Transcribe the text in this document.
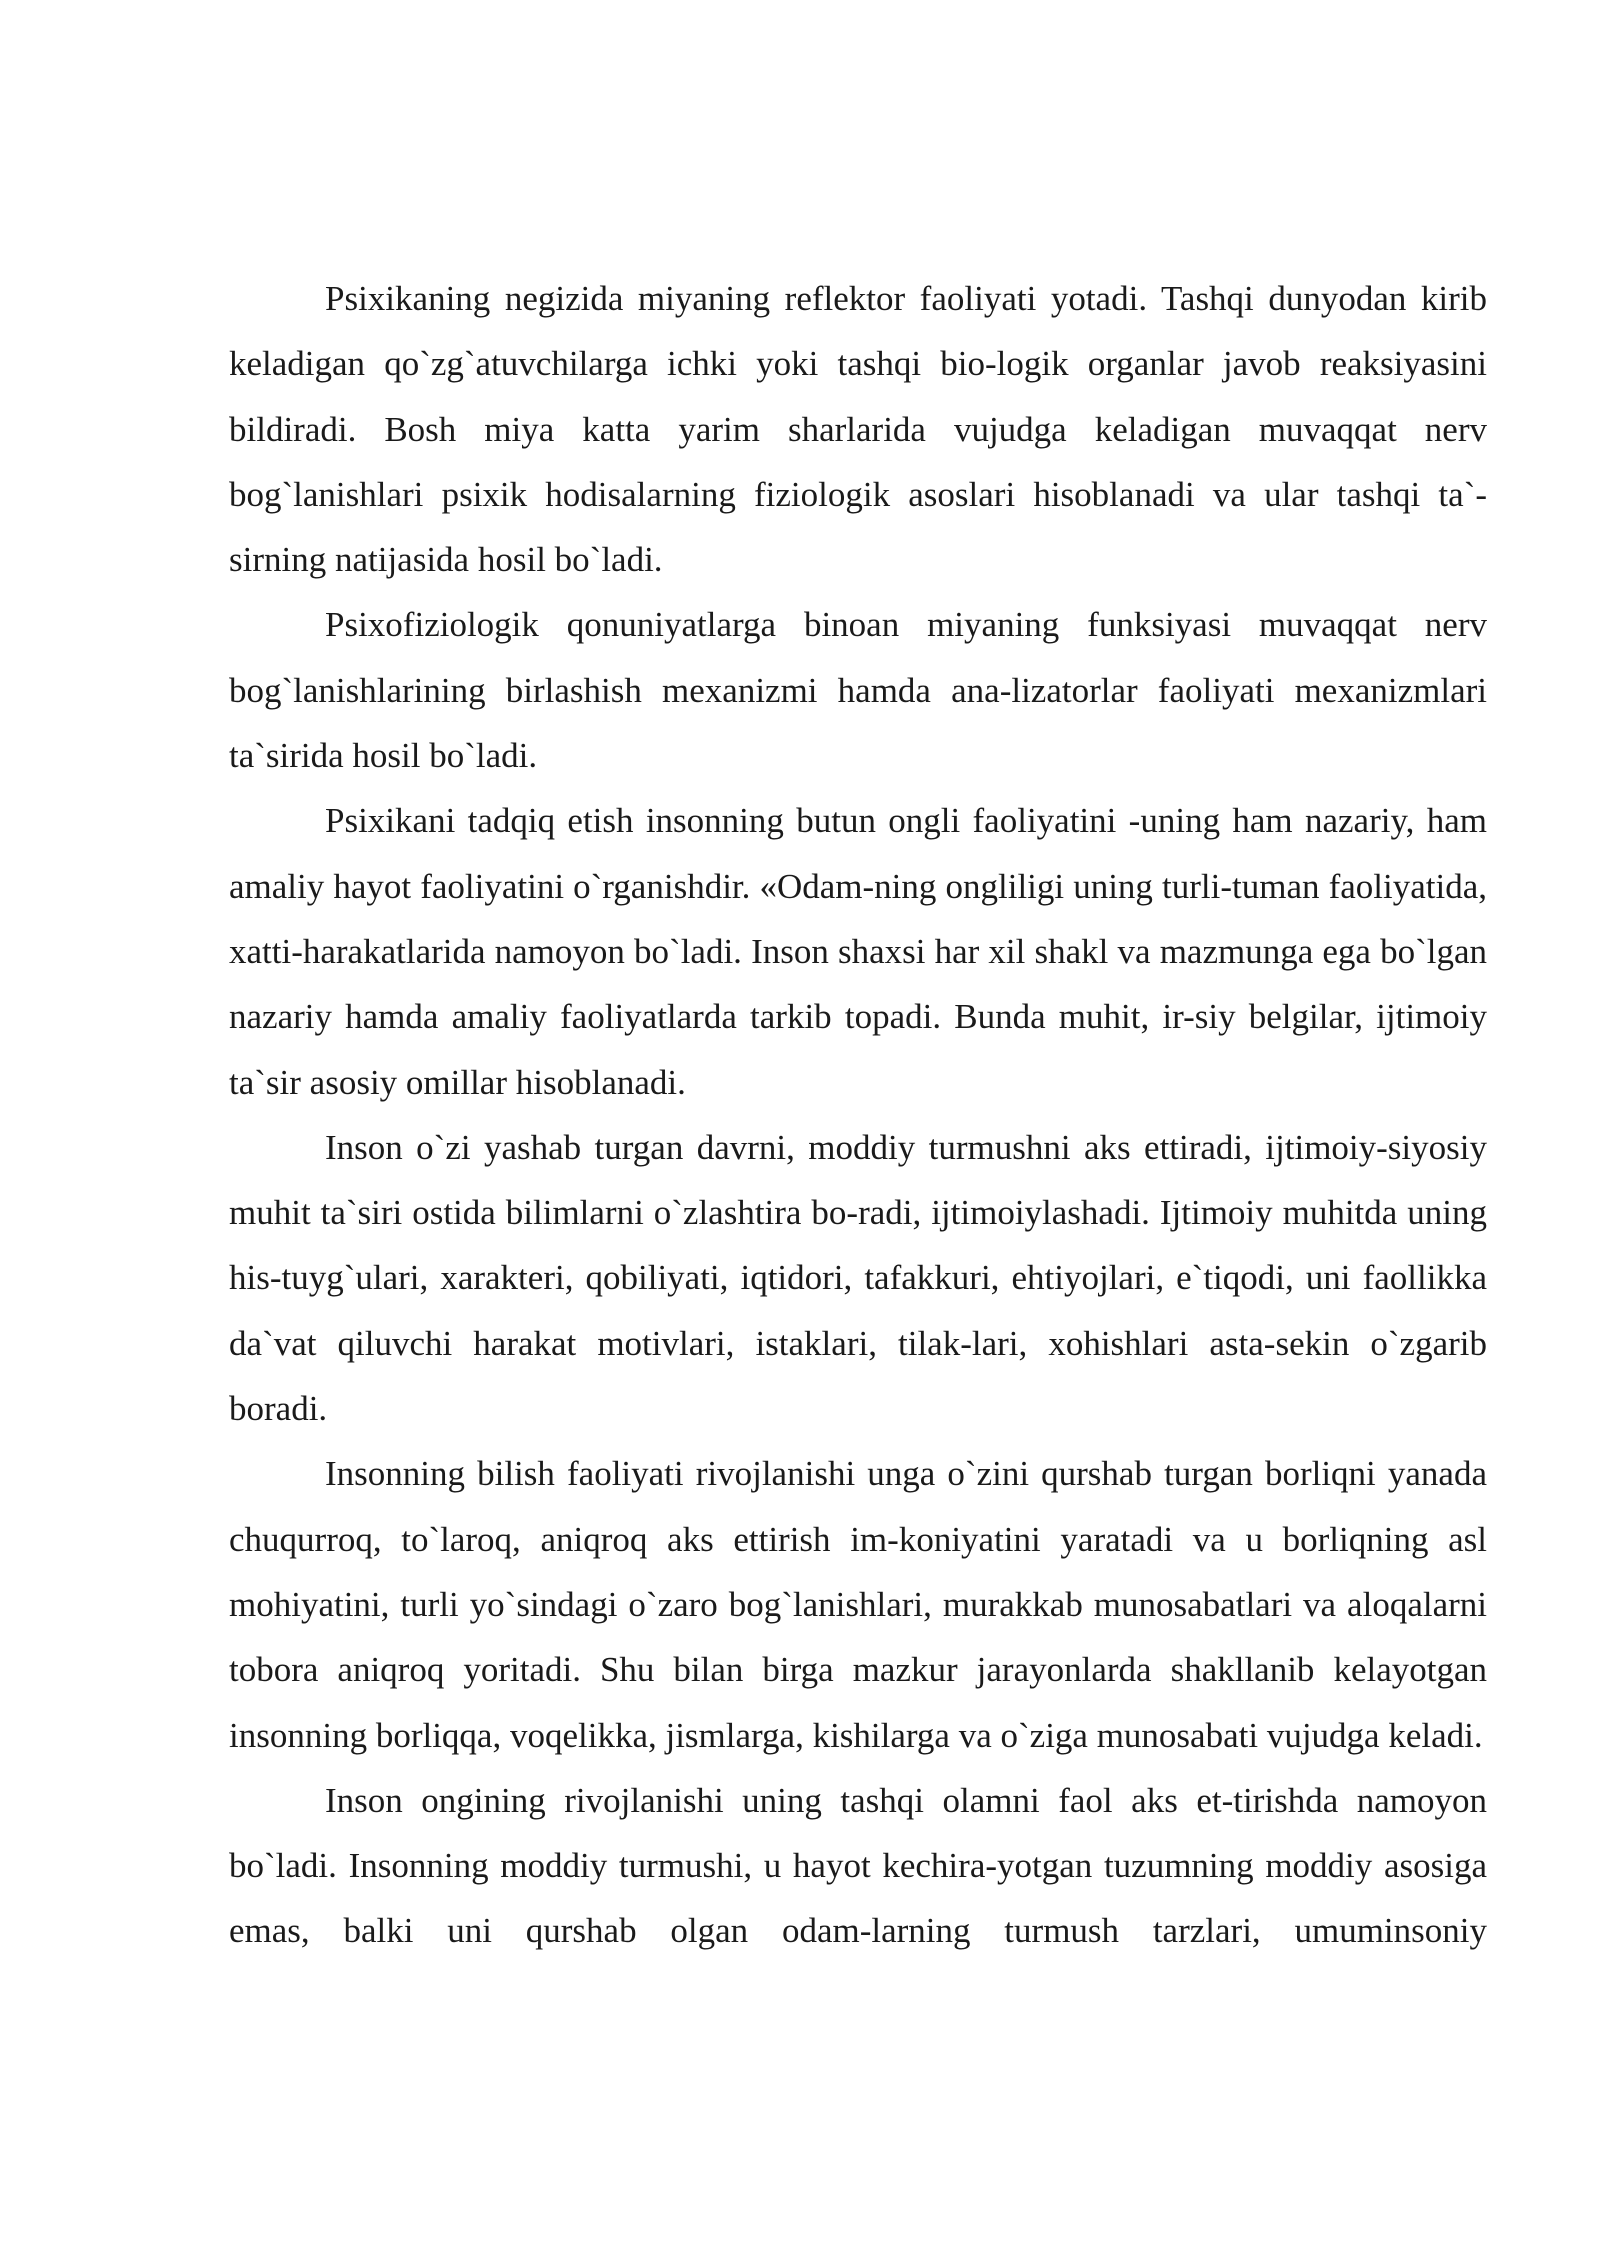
Psixikaning negizida miyaning reflektor faoliyati yotadi. Tashqi dunyodan kirib keladigan qo`zg`atuvchilarga ichki yoki tashqi bio-logik organlar javob reaksiyasini bildiradi. Bosh miya katta yarim sharlarida vujudga keladigan muvaqqat nerv bog`lanishlari psixik hodisalarning fiziologik asoslari hisoblanadi va ular tashqi ta`-sirning natijasida hosil bo`ladi.

Psixofiziologik qonuniyatlarga binoan miyaning funksiyasi muvaqqat nerv bog`lanishlarining birlashish mexanizmi hamda ana-lizatorlar faoliyati mexanizmlari ta`sirida hosil bo`ladi.

Psixikani tadqiq etish insonning butun ongli faoliyatini -uning ham nazariy, ham amaliy hayot faoliyatini o`rganishdir. «Odam-ning ongliligi uning turli-tuman faoliyatida, xatti-harakatlarida namoyon bo`ladi. Inson shaxsi har xil shakl va mazmunga ega bo`lgan nazariy hamda amaliy faoliyatlarda tarkib topadi. Bunda muhit, ir-siy belgilar, ijtimoiy ta`sir asosiy omillar hisoblanadi.

Inson o`zi yashab turgan davrni, moddiy turmushni aks ettiradi, ijtimoiy-siyosiy muhit ta`siri ostida bilimlarni o`zlashtira bo-radi, ijtimoiylashadi. Ijtimoiy muhitda uning his-tuyg`ulari, xarakteri, qobiliyati, iqtidori, tafakkuri, ehtiyojlari, e`tiqodi, uni faollikka da`vat qiluvchi harakat motivlari, istaklari, tilak-lari, xohishlari asta-sekin o`zgarib boradi.

Insonning bilish faoliyati rivojlanishi unga o`zini qurshab turgan borliqni yanada chuqurroq, to`laroq, aniqroq aks ettirish im-koniyatini yaratadi va u borliqning asl mohiyatini, turli yo`sindagi o`zaro bog`lanishlari, murakkab munosabatlari va aloqalarni tobora aniqroq yoritadi. Shu bilan birga mazkur jarayonlarda shakllanib kelayotgan insonning borliqqa, voqelikka, jismlarga, kishilarga va o`ziga munosabati vujudga keladi.

Inson ongining rivojlanishi uning tashqi olamni faol aks et-tirishda namoyon bo`ladi. Insonning moddiy turmushi, u hayot kechira-yotgan tuzumning moddiy asosiga emas, balki uni qurshab olgan odam-larning turmush tarzlari, umuminsoniy
